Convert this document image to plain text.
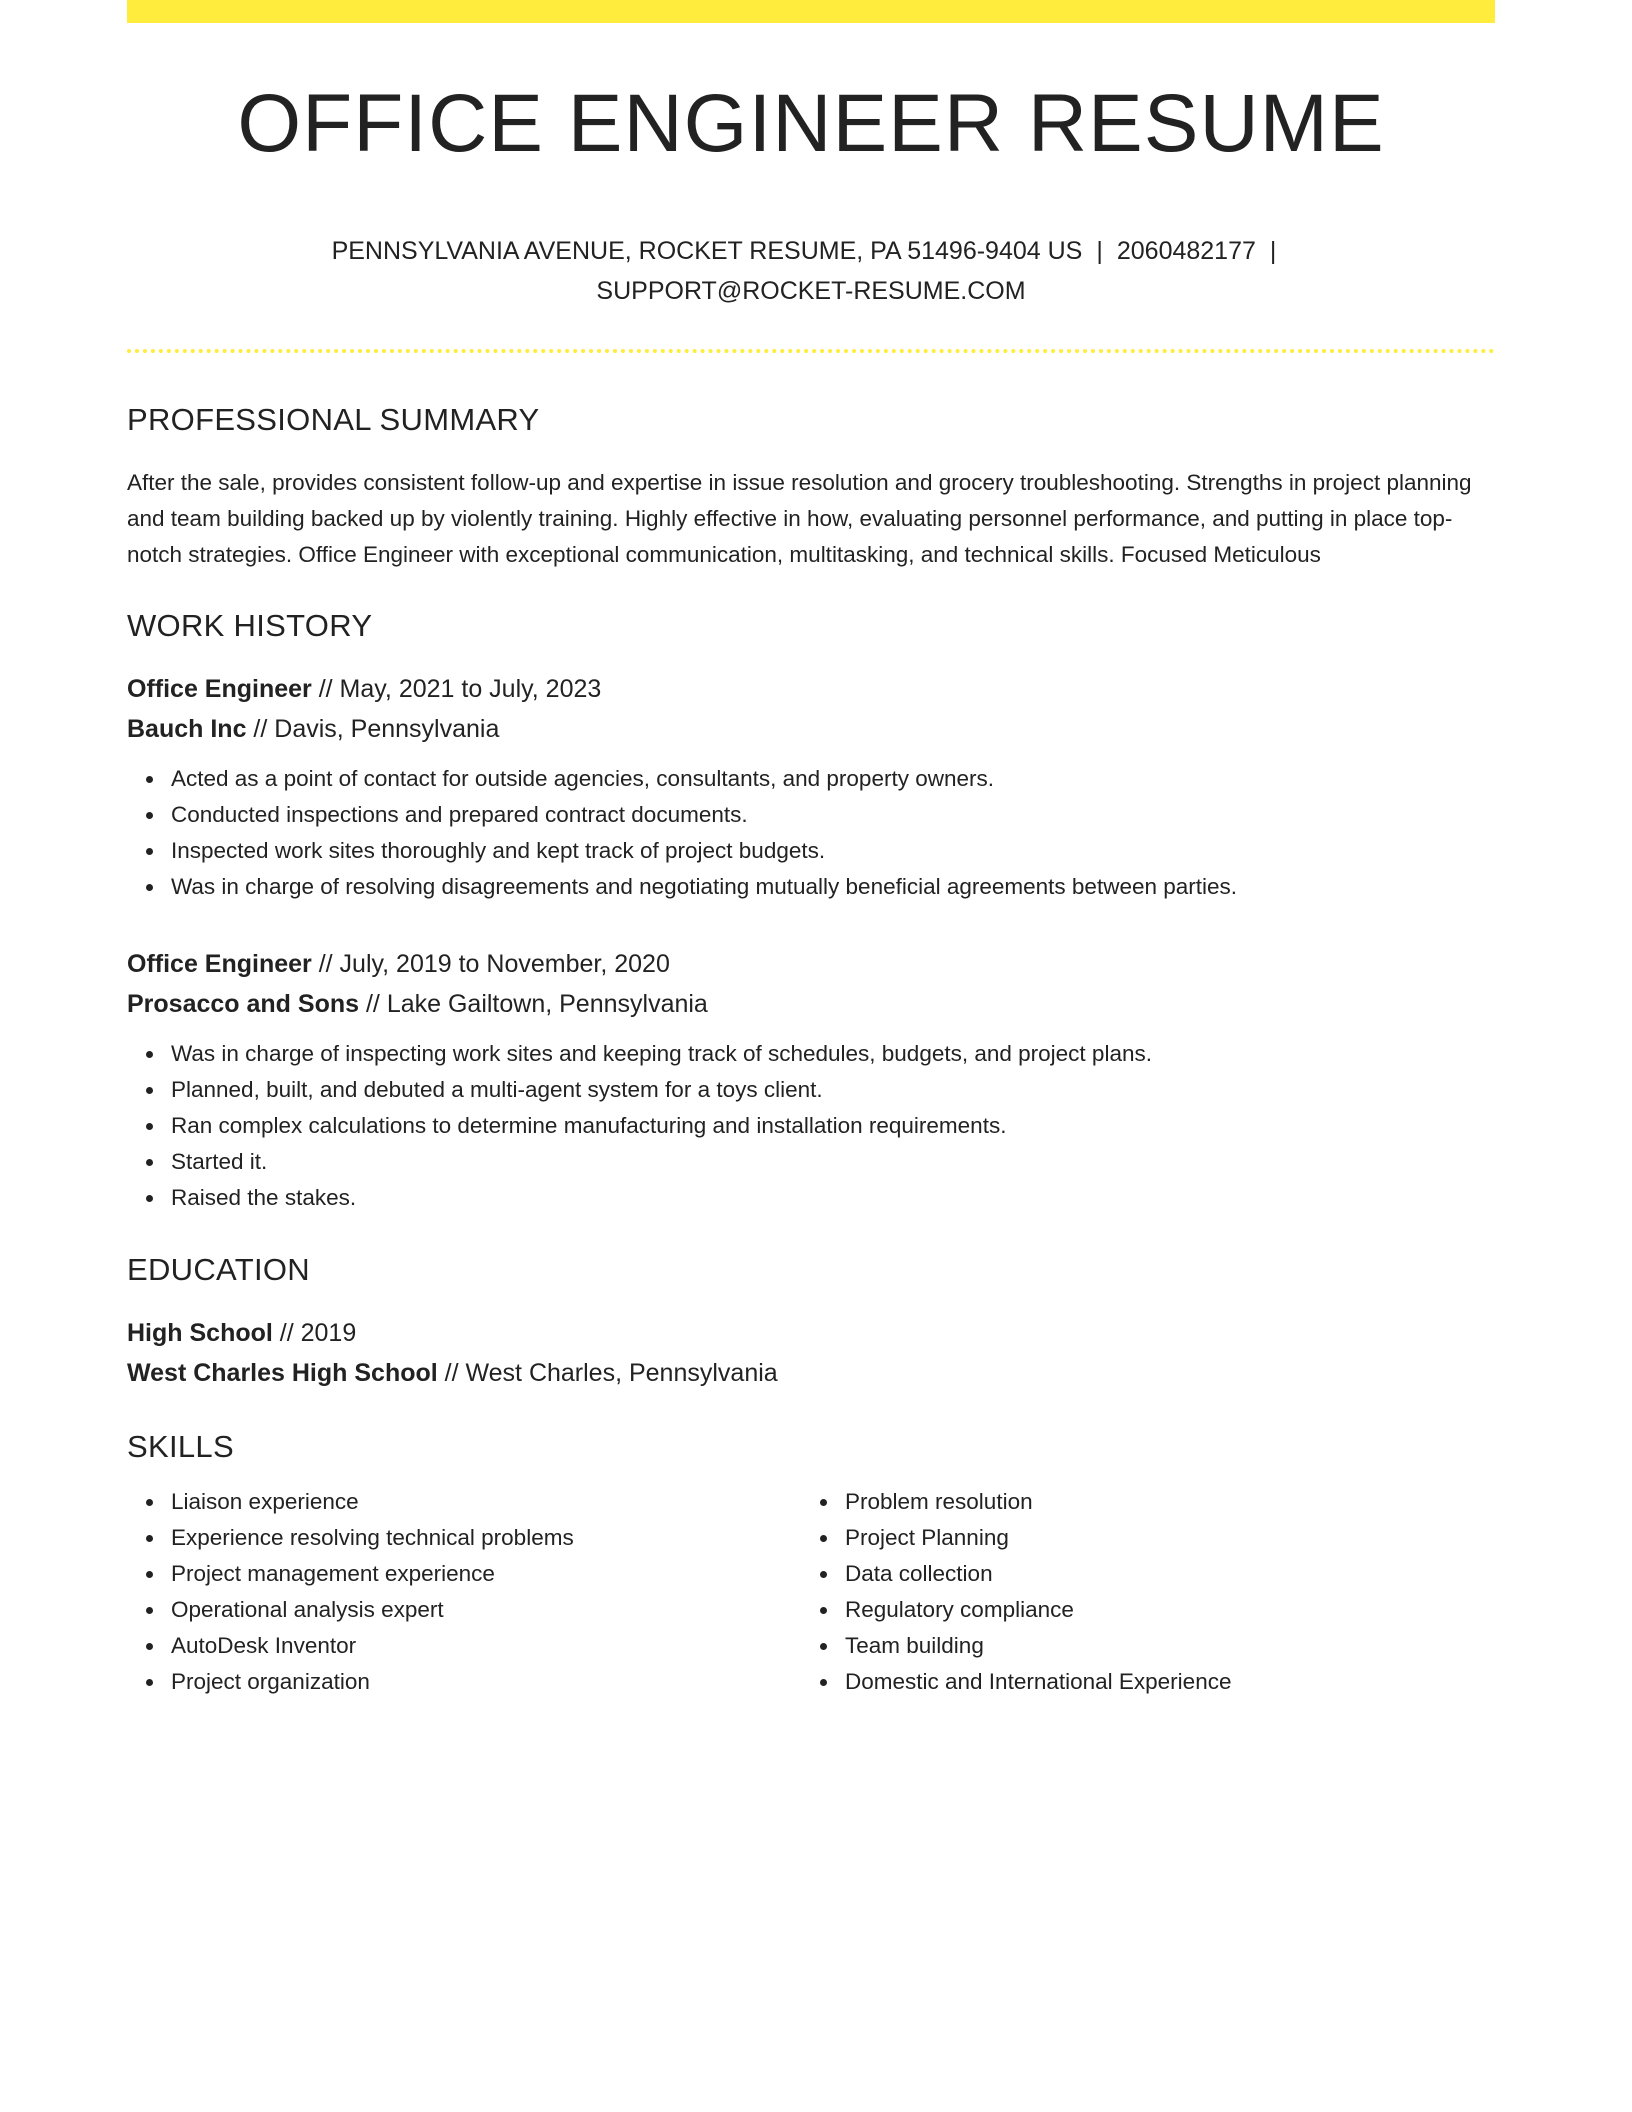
OFFICE ENGINEER RESUME
PENNSYLVANIA AVENUE, ROCKET RESUME, PA 51496-9404 US | 2060482177 |
SUPPORT@ROCKET-RESUME.COM
PROFESSIONAL SUMMARY
After the sale, provides consistent follow-up and expertise in issue resolution and grocery troubleshooting. Strengths in project planning and team building backed up by violently training. Highly effective in how, evaluating personnel performance, and putting in place top-notch strategies. Office Engineer with exceptional communication, multitasking, and technical skills. Focused Meticulous
WORK HISTORY
Office Engineer // May, 2021 to July, 2023
Bauch Inc // Davis, Pennsylvania
Acted as a point of contact for outside agencies, consultants, and property owners.
Conducted inspections and prepared contract documents.
Inspected work sites thoroughly and kept track of project budgets.
Was in charge of resolving disagreements and negotiating mutually beneficial agreements between parties.
Office Engineer // July, 2019 to November, 2020
Prosacco and Sons // Lake Gailtown, Pennsylvania
Was in charge of inspecting work sites and keeping track of schedules, budgets, and project plans.
Planned, built, and debuted a multi-agent system for a toys client.
Ran complex calculations to determine manufacturing and installation requirements.
Started it.
Raised the stakes.
EDUCATION
High School // 2019
West Charles High School // West Charles, Pennsylvania
SKILLS
Liaison experience
Experience resolving technical problems
Project management experience
Operational analysis expert
AutoDesk Inventor
Project organization
Problem resolution
Project Planning
Data collection
Regulatory compliance
Team building
Domestic and International Experience
